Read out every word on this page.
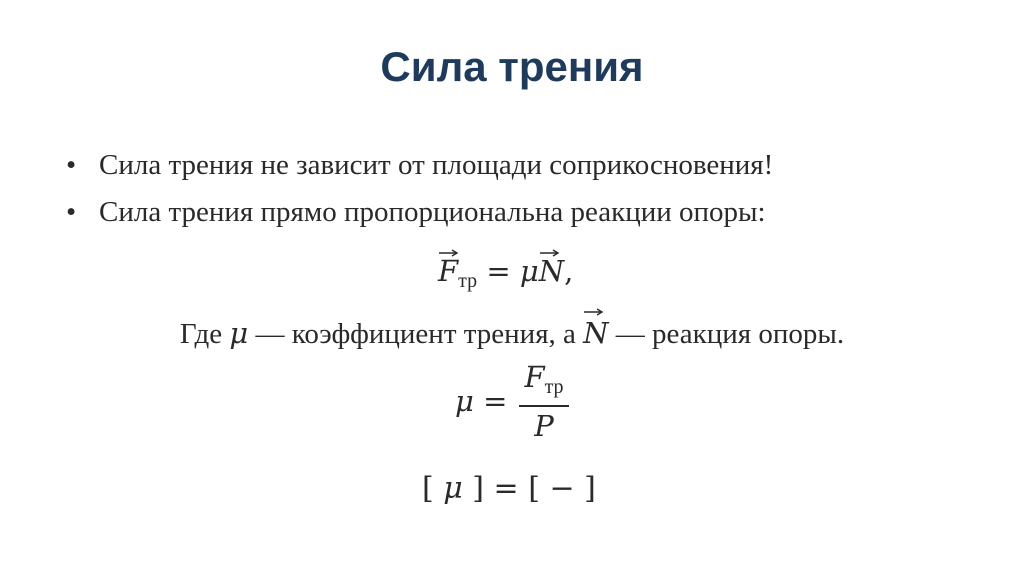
Сила трения
• Сила трения не зависит от площади соприкосновения!
• Сила трения прямо пропорциональна реакции опоры:
$F_{тр} = \mu$
N,
Где μ — коэффициент трения, а
N — реакция опоры.
μ =
$F_{тр}$
P
[ μ ] = [ − ]
